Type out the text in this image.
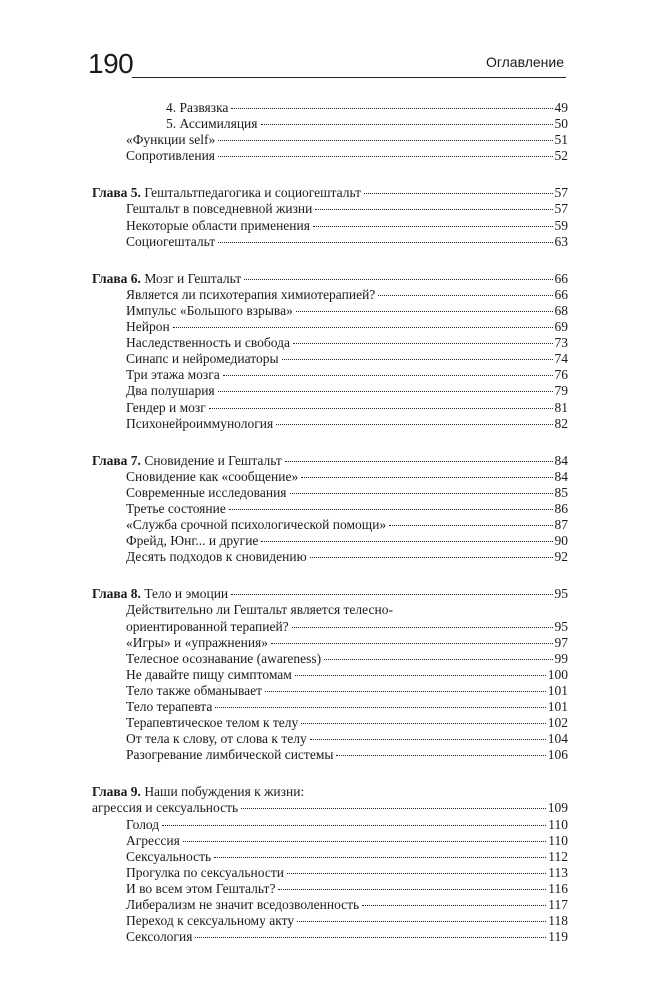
190	Оглавление
4. Развязка	49
5. Ассимиляция	50
«Функции self»	51
Сопротивления	52
Глава 5. Гештальтпедагогика и социогештальт	57
Гештальт в повседневной жизни	57
Некоторые области применения	59
Социогештальт	63
Глава 6. Мозг и Гештальт	66
Является ли психотерапия химиотерапией?	66
Импульс «Большого взрыва»	68
Нейрон	69
Наследственность и свобода	73
Синапс и нейромедиаторы	74
Три этажа мозга	76
Два полушария	79
Гендер и мозг	81
Психонейроиммунология	82
Глава 7. Сновидение и Гештальт	84
Сновидение как «сообщение»	84
Современные исследования	85
Третье состояние	86
«Служба срочной психологической помощи»	87
Фрейд, Юнг... и другие	90
Десять подходов к сновидению	92
Глава 8. Тело и эмоции	95
Действительно ли Гештальт является телесно-
ориентированной терапией?	95
«Игры» и «упражнения»	97
Телесное осознавание (awareness)	99
Не давайте пищу симптомам	100
Тело также обманывает	101
Тело терапевта	101
Терапевтическое телом к телу	102
От тела к слову, от слова к телу	104
Разогревание лимбической системы	106
Глава 9. Наши побуждения к жизни:
агрессия и сексуальность	109
Голод	110
Агрессия	110
Сексуальность	112
Прогулка по сексуальности	113
И во всем этом Гештальт?	116
Либерализм не значит вседозволенность	117
Переход к сексуальному акту	118
Сексология	119
